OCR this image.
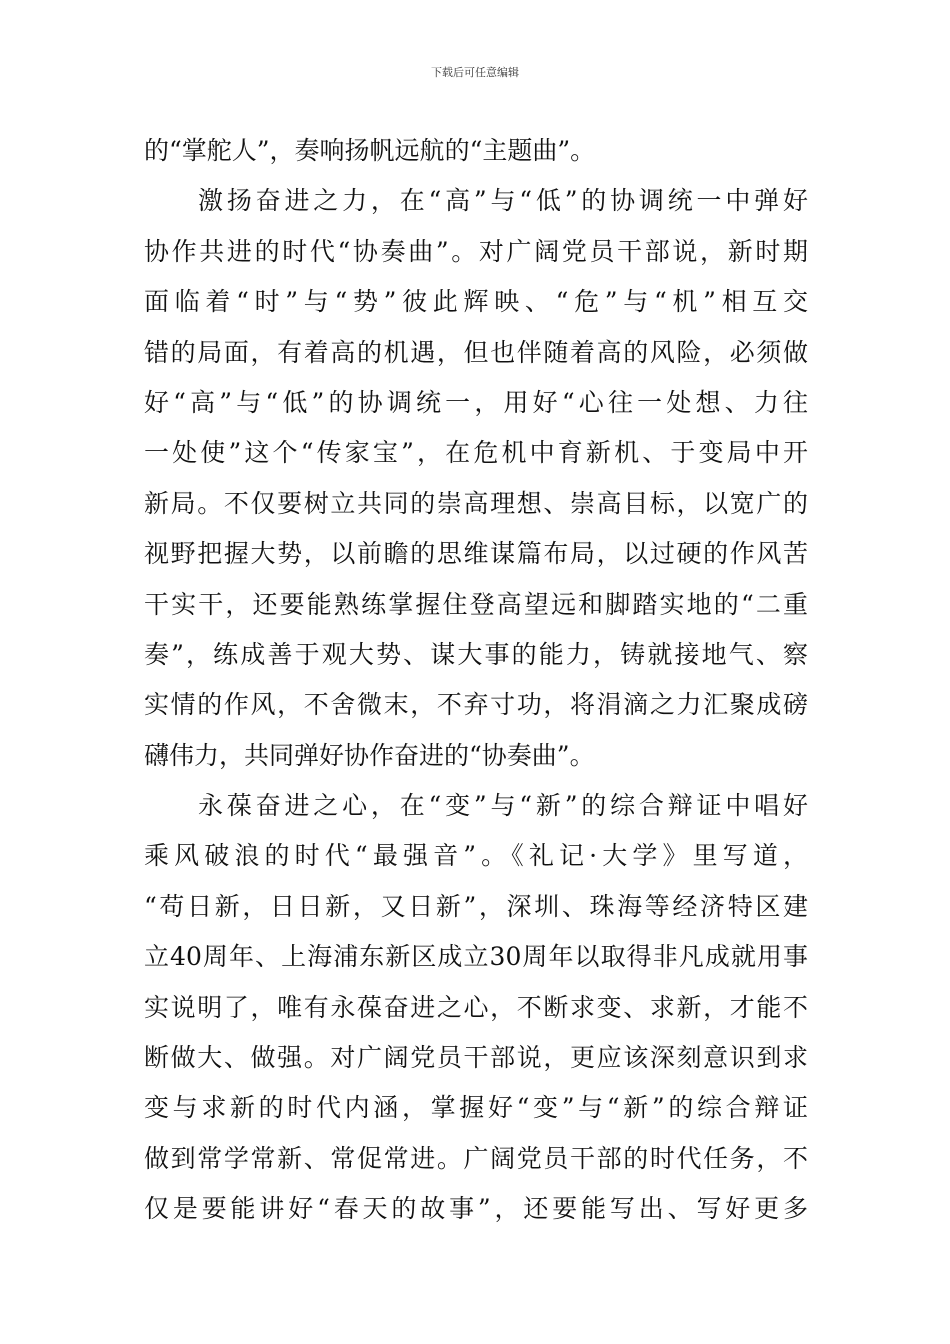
下载后可任意编辑
的“掌舵人”，奏响扬帆远航的“主题曲”。
激扬奋进之力，在“高”与“低”的协调统一中弹好
协作共进的时代“协奏曲”。对广阔党员干部说，新时期
面临着“时”与“势”彼此辉映、“危”与“机”相互交
错的局面，有着高的机遇，但也伴随着高的风险，必须做
好“高”与“低”的协调统一，用好“心往一处想、力往
一处使”这个“传家宝”，在危机中育新机、于变局中开
新局。不仅要树立共同的崇高理想、崇高目标，以宽广的
视野把握大势，以前瞻的思维谋篇布局，以过硬的作风苦
干实干，还要能熟练掌握住登高望远和脚踏实地的“二重
奏”，练成善于观大势、谋大事的能力，铸就接地气、察
实情的作风，不舍微末，不弃寸功，将涓滴之力汇聚成磅
礴伟力，共同弹好协作奋进的“协奏曲”。
永葆奋进之心，在“变”与“新”的综合辩证中唱好
乘风破浪的时代“最强音”。《礼记·大学》里写道，
“苟日新，日日新，又日新”，深圳、珠海等经济特区建
立40周年、上海浦东新区成立30周年以取得非凡成就用事
实说明了，唯有永葆奋进之心，不断求变、求新，才能不
断做大、做强。对广阔党员干部说，更应该深刻意识到求
变与求新的时代内涵，掌握好“变”与“新”的综合辩证
做到常学常新、常促常进。广阔党员干部的时代任务，不
仅是要能讲好“春天的故事”，还要能写出、写好更多
